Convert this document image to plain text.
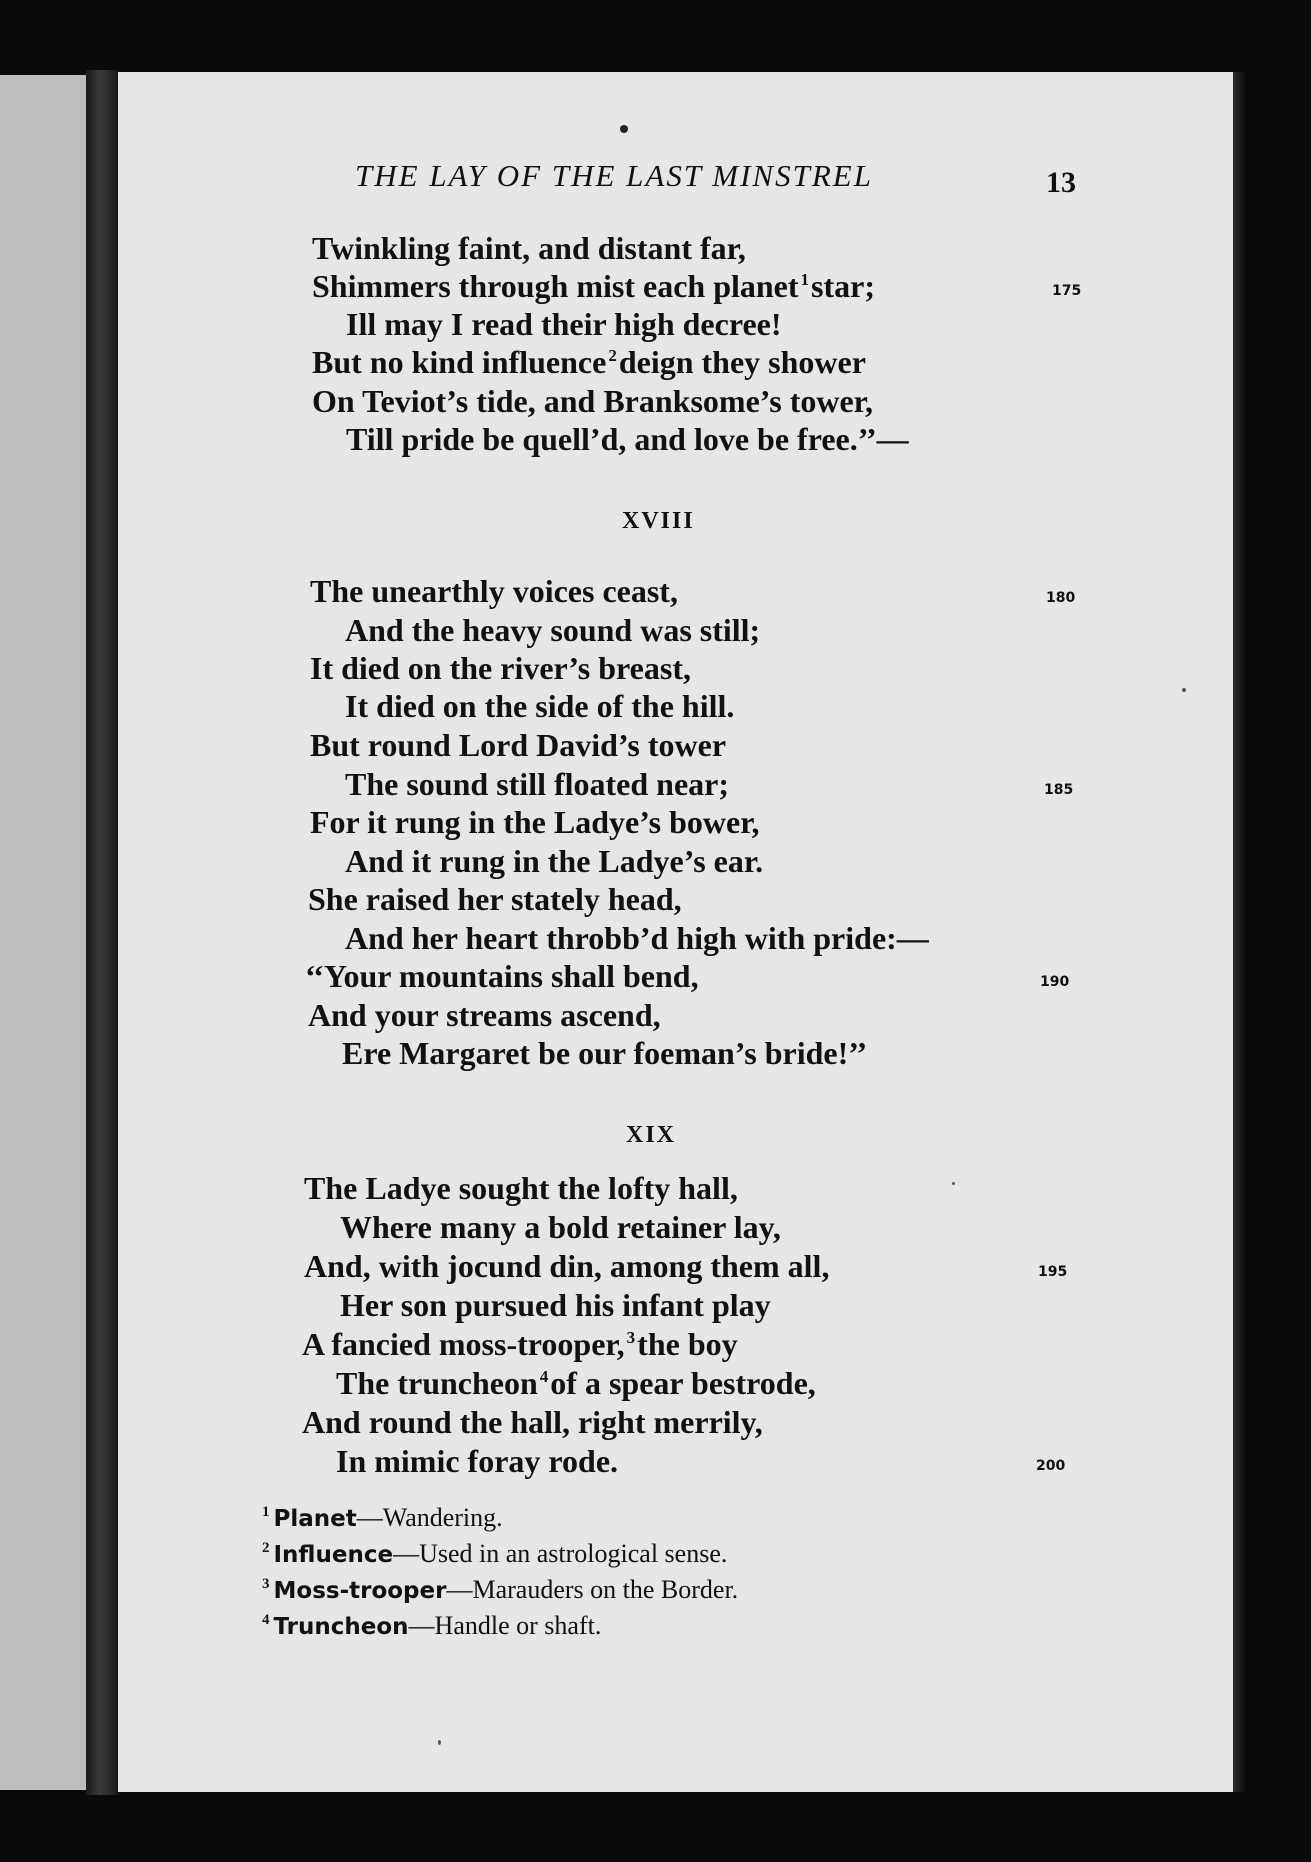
THE LAY OF THE LAST MINSTREL	13
Twinkling faint, and distant far,
Shimmers through mist each planet $^1$star;	175
Ill may I read their high decree!
But no kind influence $^2$deign they shower
On Teviot’s tide, and Branksome’s tower,
Till pride be quell’d, and love be free.’’—
XVIII
The unearthly voices ceast,	180
And the heavy sound was still;
It died on the river’s breast,
It died on the side of the hill.
But round Lord David’s tower
The sound still floated near;	185
For it rung in the Ladye’s bower,
And it rung in the Ladye’s ear.
She raised her stately head,
And her heart throbb’d high with pride:—
‘‘Your mountains shall bend,	190
And your streams ascend,
Ere Margaret be our foeman’s bride!’’
XIX
The Ladye sought the lofty hall,
Where many a bold retainer lay,
And, with jocund din, among them all,	195
Her son pursued his infant play
A fancied moss-trooper, $^3$the boy
The truncheon $^4$of a spear bestrode,
And round the hall, right merrily,
In mimic foray rode.	200
$^1$ Planet—Wandering.
$^2$ Influence—Used in an astrological sense.
$^3$ Moss-trooper—Marauders on the Border.
$^4$ Truncheon—Handle or shaft.
